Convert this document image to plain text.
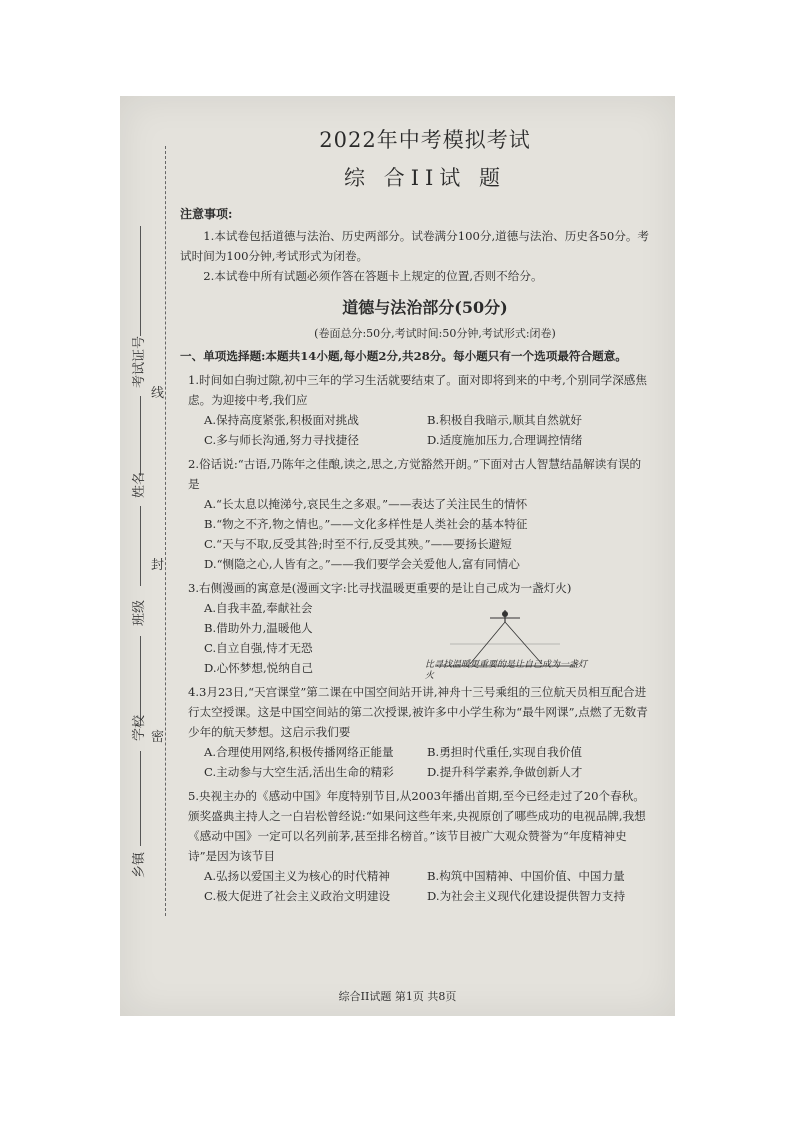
考试证号
姓名
班级
学校
乡镇
线
封
密
2022年中考模拟考试
综 合II试 题
注意事项:

1.本试卷包括道德与法治、历史两部分。试卷满分100分,道德与法治、历史各50分。考试时间为100分钟,考试形式为闭卷。

2.本试卷中所有试题必须作答在答题卡上规定的位置,否则不给分。

道德与法治部分(50分)
(卷面总分:50分,考试时间:50分钟,考试形式:闭卷)

一、单项选择题:本题共14小题,每小题2分,共28分。每小题只有一个选项最符合题意。

1.时间如白驹过隙,初中三年的学习生活就要结束了。面对即将到来的中考,个别同学深感焦虑。为迎接中考,我们应
A.保持高度紧张,积极面对挑战	B.积极自我暗示,顺其自然就好
C.多与师长沟通,努力寻找捷径	D.适度施加压力,合理调控情绪
2.俗话说:“古语,乃陈年之佳酿,读之,思之,方觉豁然开朗。”下面对古人智慧结晶解读有误的是
A.“长太息以掩涕兮,哀民生之多艰。”——表达了关注民生的情怀
B.“物之不齐,物之情也。”——文化多样性是人类社会的基本特征
C.“天与不取,反受其咎;时至不行,反受其殃。”——要扬长避短
D.“恻隐之心,人皆有之。”——我们要学会关爱他人,富有同情心
3.右侧漫画的寓意是(漫画文字:比寻找温暖更重要的是让自己成为一盏灯火)
A.自我丰盈,奉献社会
B.借助外力,温暖他人
C.自立自强,恃才无恐
D.心怀梦想,悦纳自己	比寻找温暖更重要的是让自己成为一盏灯火
4.3月23日,“天宫课堂”第二课在中国空间站开讲,神舟十三号乘组的三位航天员相互配合进行太空授课。这是中国空间站的第二次授课,被许多中小学生称为“最牛网课”,点燃了无数青少年的航天梦想。这启示我们要
A.合理使用网络,积极传播网络正能量	B.勇担时代重任,实现自我价值
C.主动参与大空生活,活出生命的精彩	D.提升科学素养,争做创新人才
5.央视主办的《感动中国》年度特别节目,从2003年播出首期,至今已经走过了20个春秋。颁奖盛典主持人之一白岩松曾经说:“如果问这些年来,央视原创了哪些成功的电视品牌,我想《感动中国》一定可以名列前茅,甚至排名榜首。”该节目被广大观众赞誉为“年度精神史诗”是因为该节目
A.弘扬以爱国主义为核心的时代精神	B.构筑中国精神、中国价值、中国力量
C.极大促进了社会主义政治文明建设	D.为社会主义现代化建设提供智力支持
综合II试题 第1页 共8页
